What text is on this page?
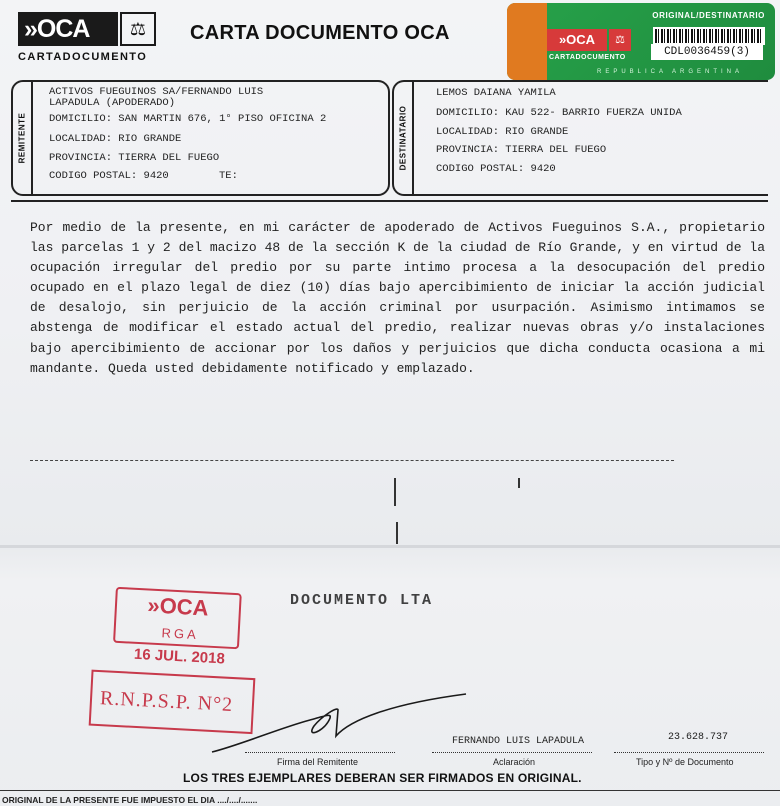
»OCA	⚖
CARTADOCUMENTO
CARTA DOCUMENTO OCA
ORIGINAL/DESTINATARIO
»OCA	⚖
CARTADOCUMENTO
REPUBLICA ARGENTINA
CDL0036459(3)
REMITENTE
ACTIVOS FUEGUINOS SA/FERNANDO LUIS
LAPADULA (APODERADO)
DOMICILIO: SAN MARTIN 676, 1° PISO OFICINA 2
LOCALIDAD: RIO GRANDE
PROVINCIA: TIERRA DEL FUEGO
CODIGO POSTAL: 9420	TE:
DESTINATARIO
LEMOS DAIANA YAMILA
DOMICILIO: KAU 522- BARRIO FUERZA UNIDA
LOCALIDAD: RIO GRANDE
PROVINCIA: TIERRA DEL FUEGO
CODIGO POSTAL: 9420
Por medio de la presente, en mi carácter de apoderado de Activos Fueguinos S.A., propietario las parcelas 1 y 2 del macizo 48 de la sección K de la ciudad de Río Grande, y en virtud de la ocupación irregular del predio por su parte intimo procesa a la desocupación del predio ocupado en el plazo legal de diez (10) días bajo apercibimiento de iniciar la acción judicial de desalojo, sin perjuicio de la acción criminal por usurpación. Asimismo intimamos se abstenga de modificar el estado actual del predio, realizar nuevas obras y/o instalaciones bajo apercibimiento de accionar por los daños y perjuicios que dicha conducta ocasiona a mi mandante. Queda usted debidamente notificado y emplazado.
DOCUMENTO LTA
»OCA
RGA
16 JUL. 2018
R.N.P.S.P. N°2
Firma del Remitente
FERNANDO LUIS LAPADULA
Aclaración
23.628.737
Tipo y Nº de Documento
LOS TRES EJEMPLARES DEBERAN SER FIRMADOS EN ORIGINAL.
ORIGINAL DE LA PRESENTE FUE IMPUESTO EL DIA ..../..../.......
